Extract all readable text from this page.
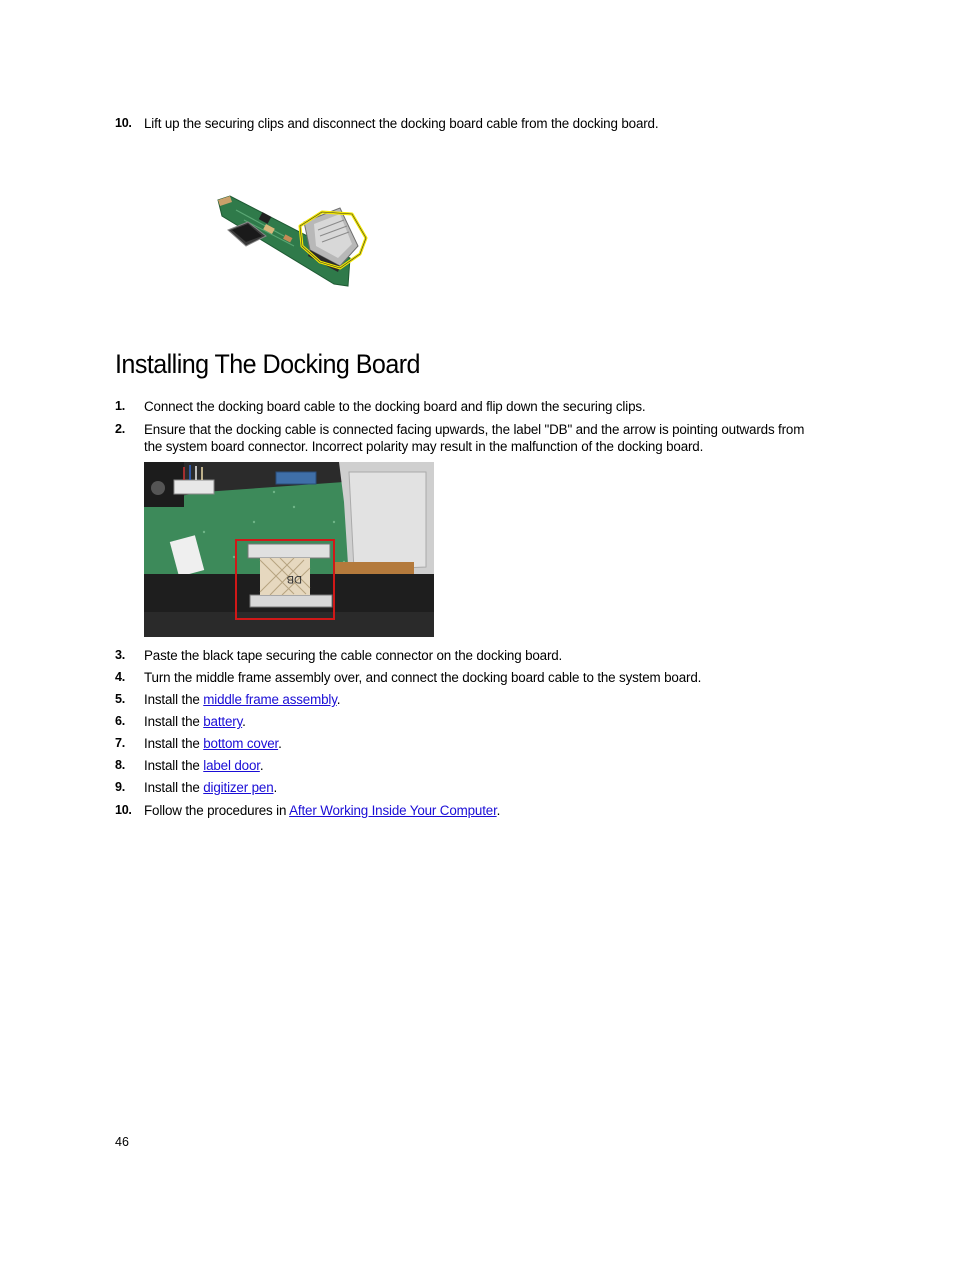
10. Lift up the securing clips and disconnect the docking board cable from the docking board.
Installing The Docking Board
1. Connect the docking board cable to the docking board and flip down the securing clips.
2. Ensure that the docking cable is connected facing upwards, the label "DB" and the arrow is pointing outwards from the system board connector. Incorrect polarity may result in the malfunction of the docking board.
DB
3. Paste the black tape securing the cable connector on the docking board.
4. Turn the middle frame assembly over, and connect the docking board cable to the system board.
5. Install the middle frame assembly.
6. Install the battery.
7. Install the bottom cover.
8. Install the label door.
9. Install the digitizer pen.
10. Follow the procedures in After Working Inside Your Computer.
46
